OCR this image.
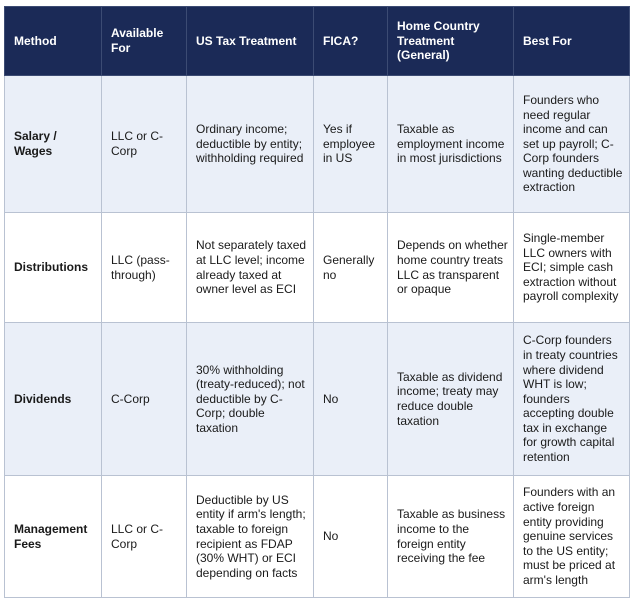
Method	Available For	US Tax Treatment	FICA?	Home Country Treatment (General)	Best For
Salary / Wages	LLC or C-Corp	Ordinary income; deductible by entity; withholding required	Yes if employee in US	Taxable as employment income in most jurisdictions	Founders who need regular income and can set up payroll; C-Corp founders wanting deductible extraction
Distributions	LLC (pass-through)	Not separately taxed at LLC level; income already taxed at owner level as ECI	Generally no	Depends on whether home country treats LLC as transparent or opaque	Single-member LLC owners with ECI; simple cash extraction without payroll complexity
Dividends	C-Corp	30% withholding (treaty-reduced); not deductible by C-Corp; double taxation	No	Taxable as dividend income; treaty may reduce double taxation	C-Corp founders in treaty countries where dividend WHT is low; founders accepting double tax in exchange for growth capital retention
Management Fees	LLC or C-Corp	Deductible by US entity if arm's length; taxable to foreign recipient as FDAP (30% WHT) or ECI depending on facts	No	Taxable as business income to the foreign entity receiving the fee	Founders with an active foreign entity providing genuine services to the US entity; must be priced at arm's length
